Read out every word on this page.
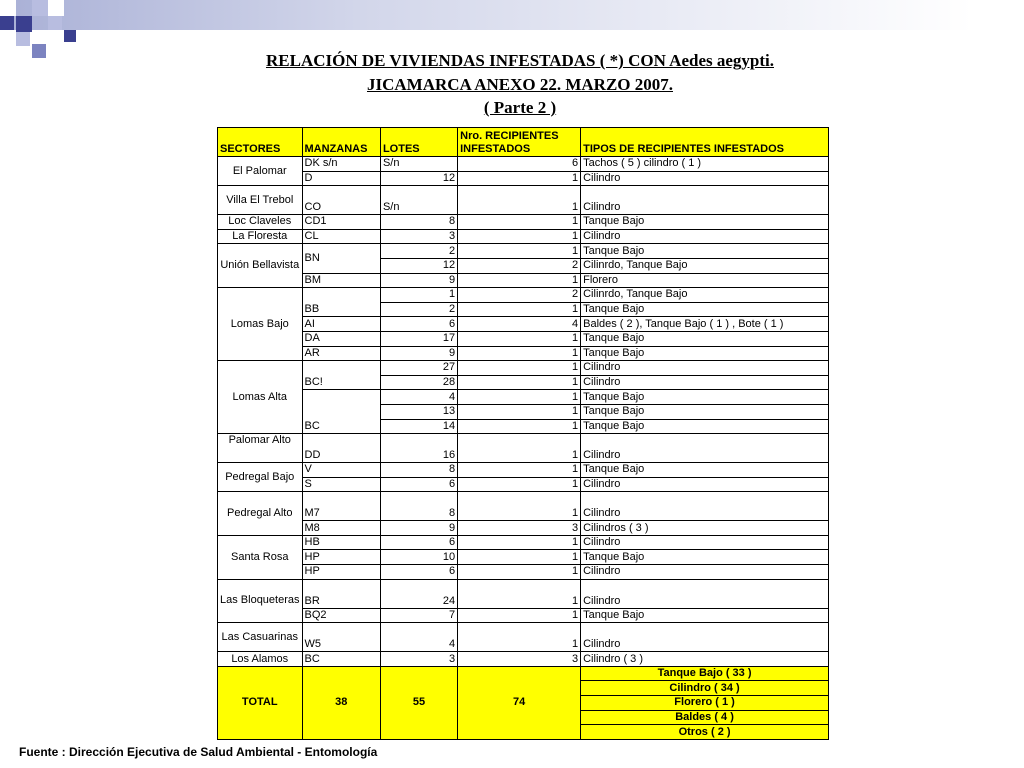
RELACIÓN DE VIVIENDAS INFESTADAS ( *) CON Aedes aegypti.
JICAMARCA ANEXO 22. MARZO 2007.
( Parte 2 )
SECTORES	MANZANAS	LOTES	Nro. RECIPIENTES
INFESTADOS	TIPOS DE RECIPIENTES INFESTADOS
El Palomar	DK s/n	S/n	6	Tachos ( 5 ) cilindro ( 1 )
	D	12	1	Cilindro
Villa El Trebol	CO	S/n	1	Cilindro
Loc Claveles	CD1	8	1	Tanque Bajo
La Floresta	CL	3	1	Cilindro
Unión Bellavista	BN	2	1	Tanque Bajo
		12	2	Cilinrdo, Tanque Bajo
	BM	9	1	Florero
Lomas Bajo	BB	1	2	Cilinrdo, Tanque Bajo
		2	1	Tanque Bajo
	AI	6	4	Baldes ( 2 ), Tanque Bajo ( 1 ) , Bote ( 1 )
	DA	17	1	Tanque Bajo
	AR	9	1	Tanque Bajo
Lomas Alta	BC!	27	1	Cilindro
		28	1	Cilindro
	BC	4	1	Tanque Bajo
		13	1	Tanque Bajo
		14	1	Tanque Bajo
Palomar Alto	DD	16	1	Cilindro
Pedregal Bajo	V	8	1	Tanque Bajo
	S	6	1	Cilindro
Pedregal Alto	M7	8	1	Cilindro
	M8	9	3	Cilindros ( 3 )
Santa Rosa	HB	6	1	Cilindro
	HP	10	1	Tanque Bajo
	HP	6	1	Cilindro
Las Bloqueteras	BR	24	1	Cilindro
	BQ2	7	1	Tanque Bajo
Las Casuarinas	W5	4	1	Cilindro
Los Alamos	BC	3	3	Cilindro ( 3 )
TOTAL	38	55	74	Tanque Bajo ( 33 )
				Cilindro ( 34 )
				Florero ( 1 )
				Baldes ( 4 )
				Otros ( 2 )
Fuente : Dirección Ejecutiva de Salud Ambiental - Entomología
